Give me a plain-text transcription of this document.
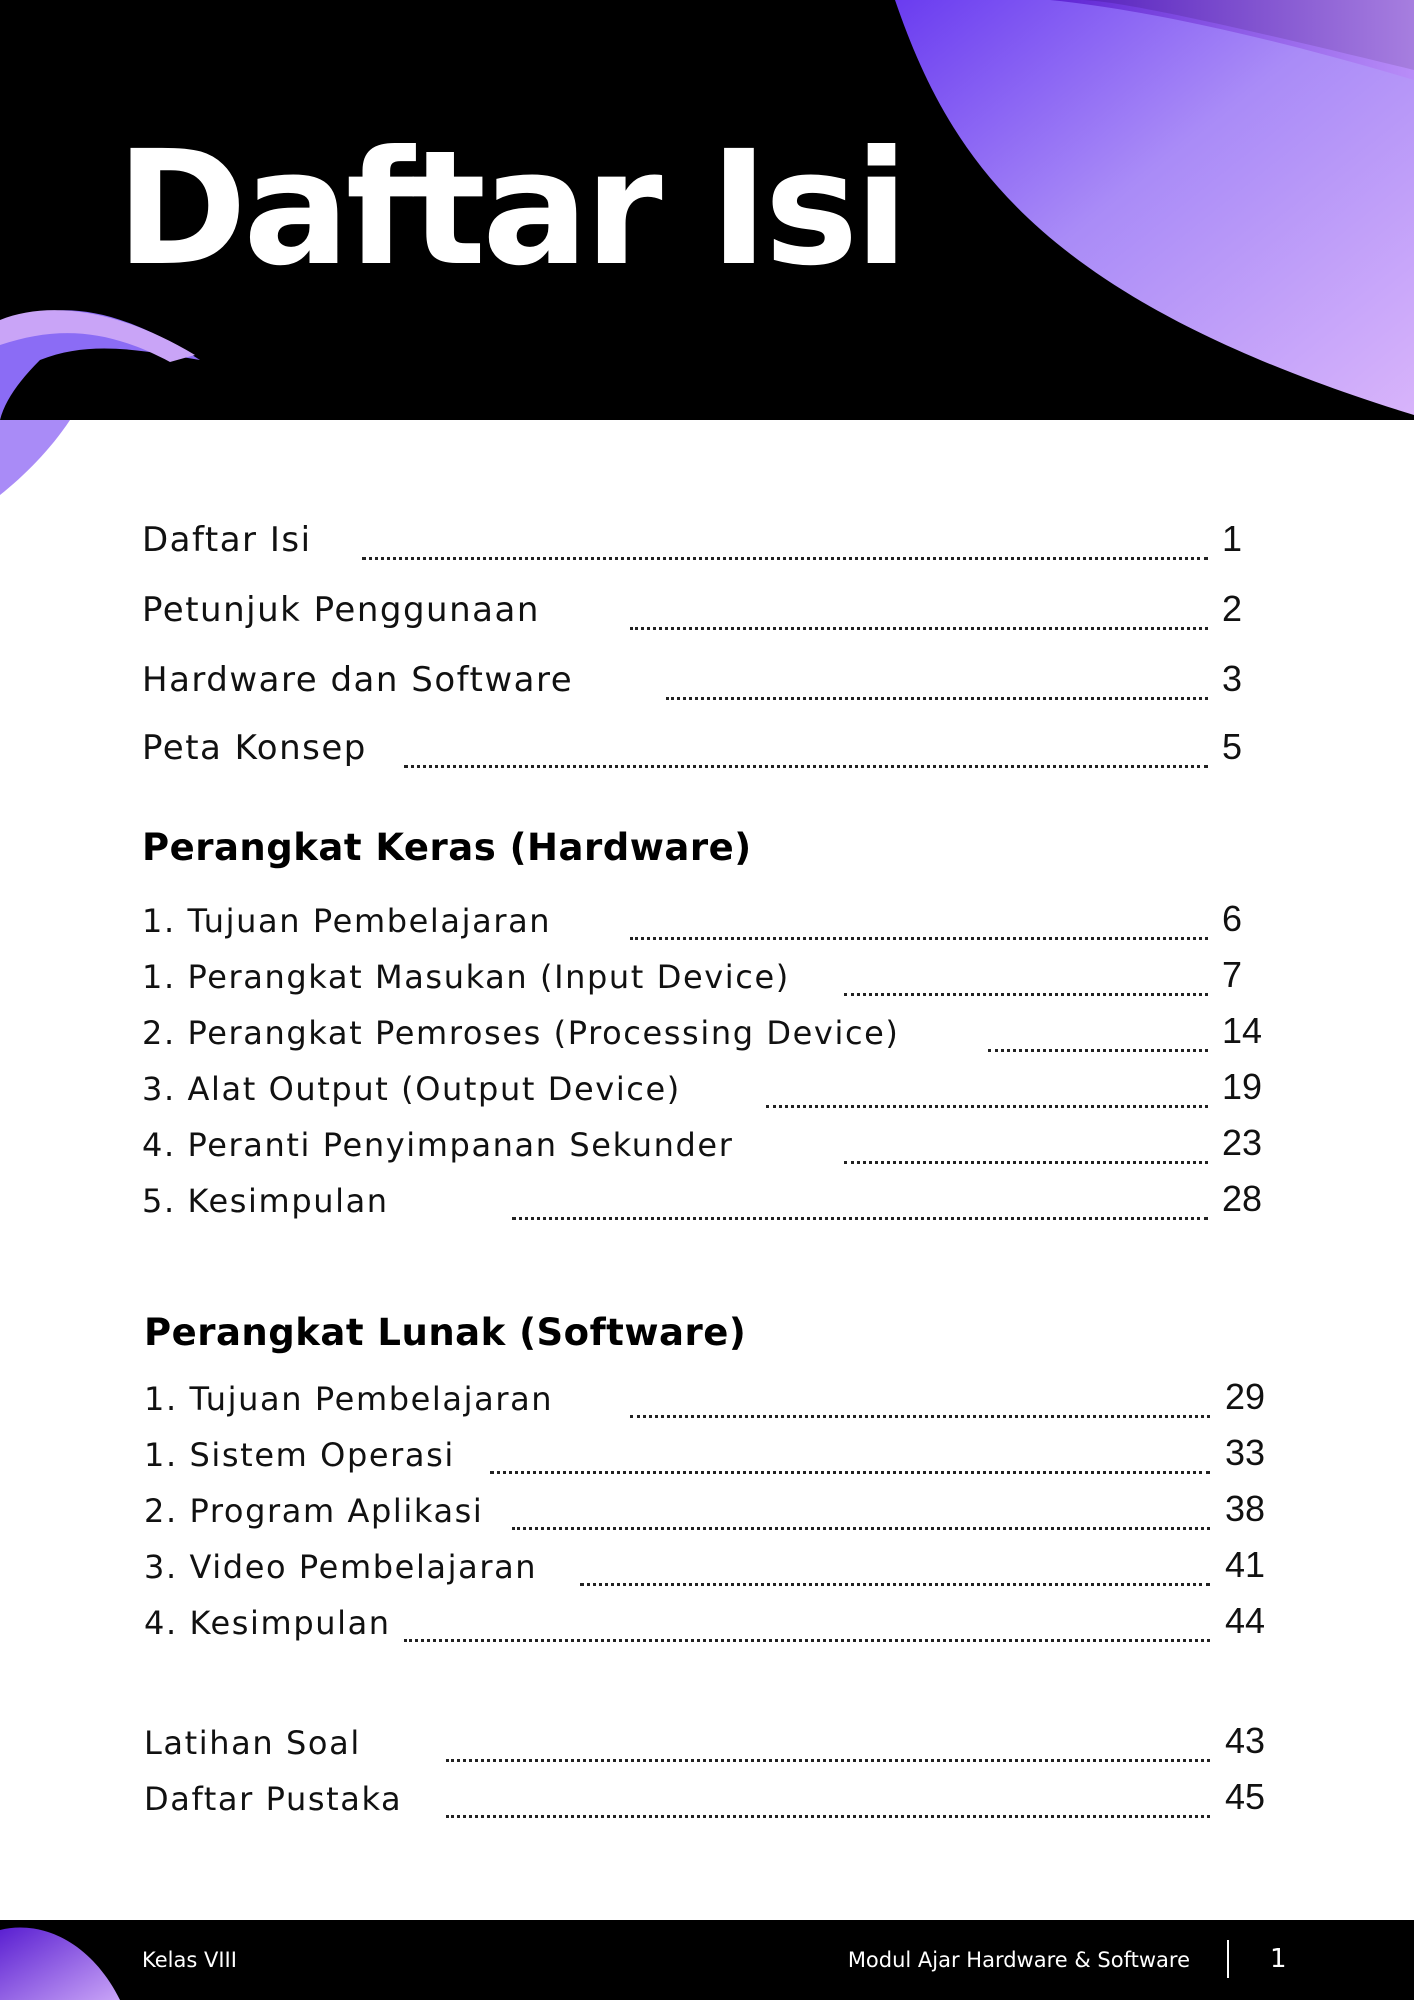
Daftar Isi
Daftar Isi	1
Petunjuk Penggunaan	2
Hardware dan Software	3
Peta Konsep	5
Perangkat Keras (Hardware)
1. Tujuan Pembelajaran	6
1. Perangkat Masukan (Input Device)	7
2. Perangkat Pemroses (Processing Device)	14
3. Alat Output (Output Device)	19
4. Peranti Penyimpanan Sekunder	23
5. Kesimpulan	28
Perangkat Lunak (Software)
1. Tujuan Pembelajaran	29
1. Sistem Operasi	33
2. Program Aplikasi	38
3. Video Pembelajaran	41
4. Kesimpulan	44
Latihan Soal	43
Daftar Pustaka	45
Kelas VIII	Modul Ajar Hardware & Software	1
